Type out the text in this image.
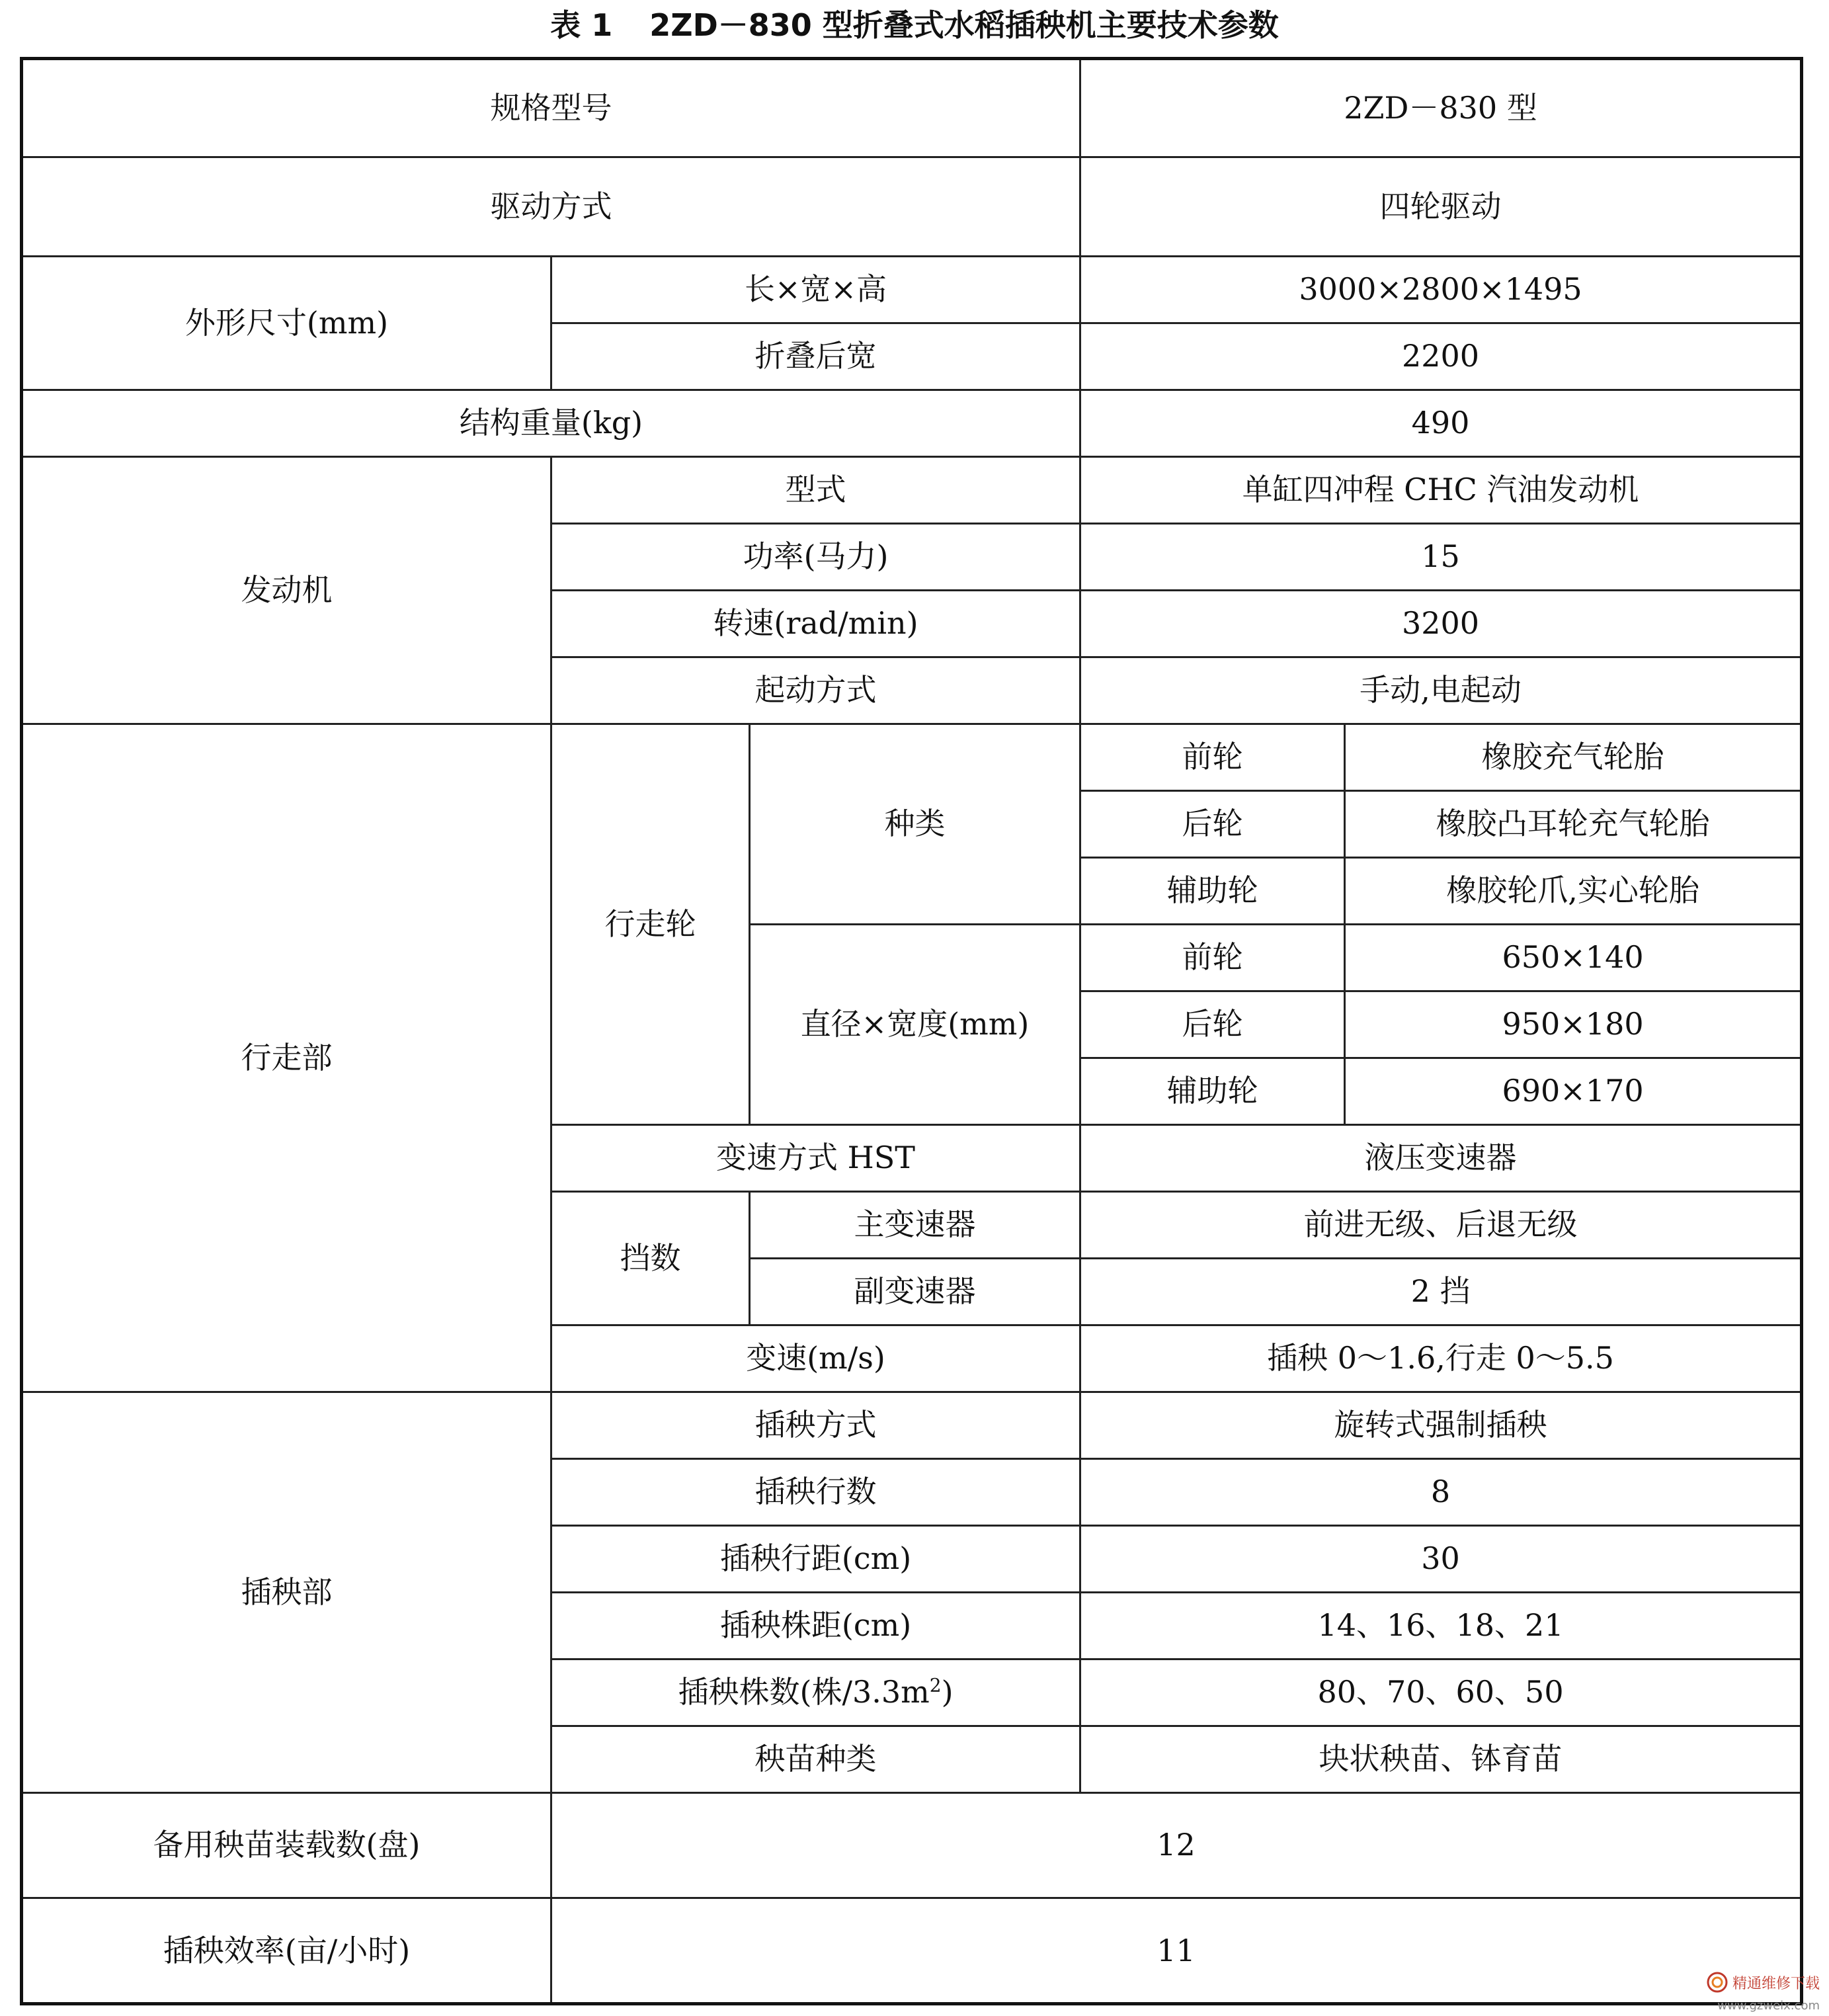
表 1 2ZD－830 型折叠式水稻插秧机主要技术参数
规格型号			2ZD－830 型	
驱动方式			四轮驱动	
外形尺寸(mm)	长×宽×高		3000×2800×1495	
	折叠后宽		2200	
结构重量(kg)			490	
发动机	型式		单缸四冲程 CHC 汽油发动机	
	功率(马力)		15	
	转速(rad/min)		3200	
	起动方式		手动,电起动	
行走部	行走轮	种类	前轮	橡胶充气轮胎
			后轮	橡胶凸耳轮充气轮胎
			辅助轮	橡胶轮爪,实心轮胎
		直径×宽度(mm)	前轮	650×140
			后轮	950×180
			辅助轮	690×170
	变速方式 HST		液压变速器	
	挡数	主变速器	前进无级、后退无级	
		副变速器	2 挡	
	变速(m/s)		插秧 0～1.6,行走 0～5.5	
插秧部	插秧方式		旋转式强制插秧	
	插秧行数		8	
	插秧行距(cm)		30	
	插秧株距(cm)		14、16、18、21	
	插秧株数(株$/3.3m^2$)		80、70、60、50	
	秧苗种类		块状秧苗、钵育苗	
备用秧苗装载数(盘)	12			
插秧效率(亩/小时)	11			
精通维修下载
www.gzweix.com
